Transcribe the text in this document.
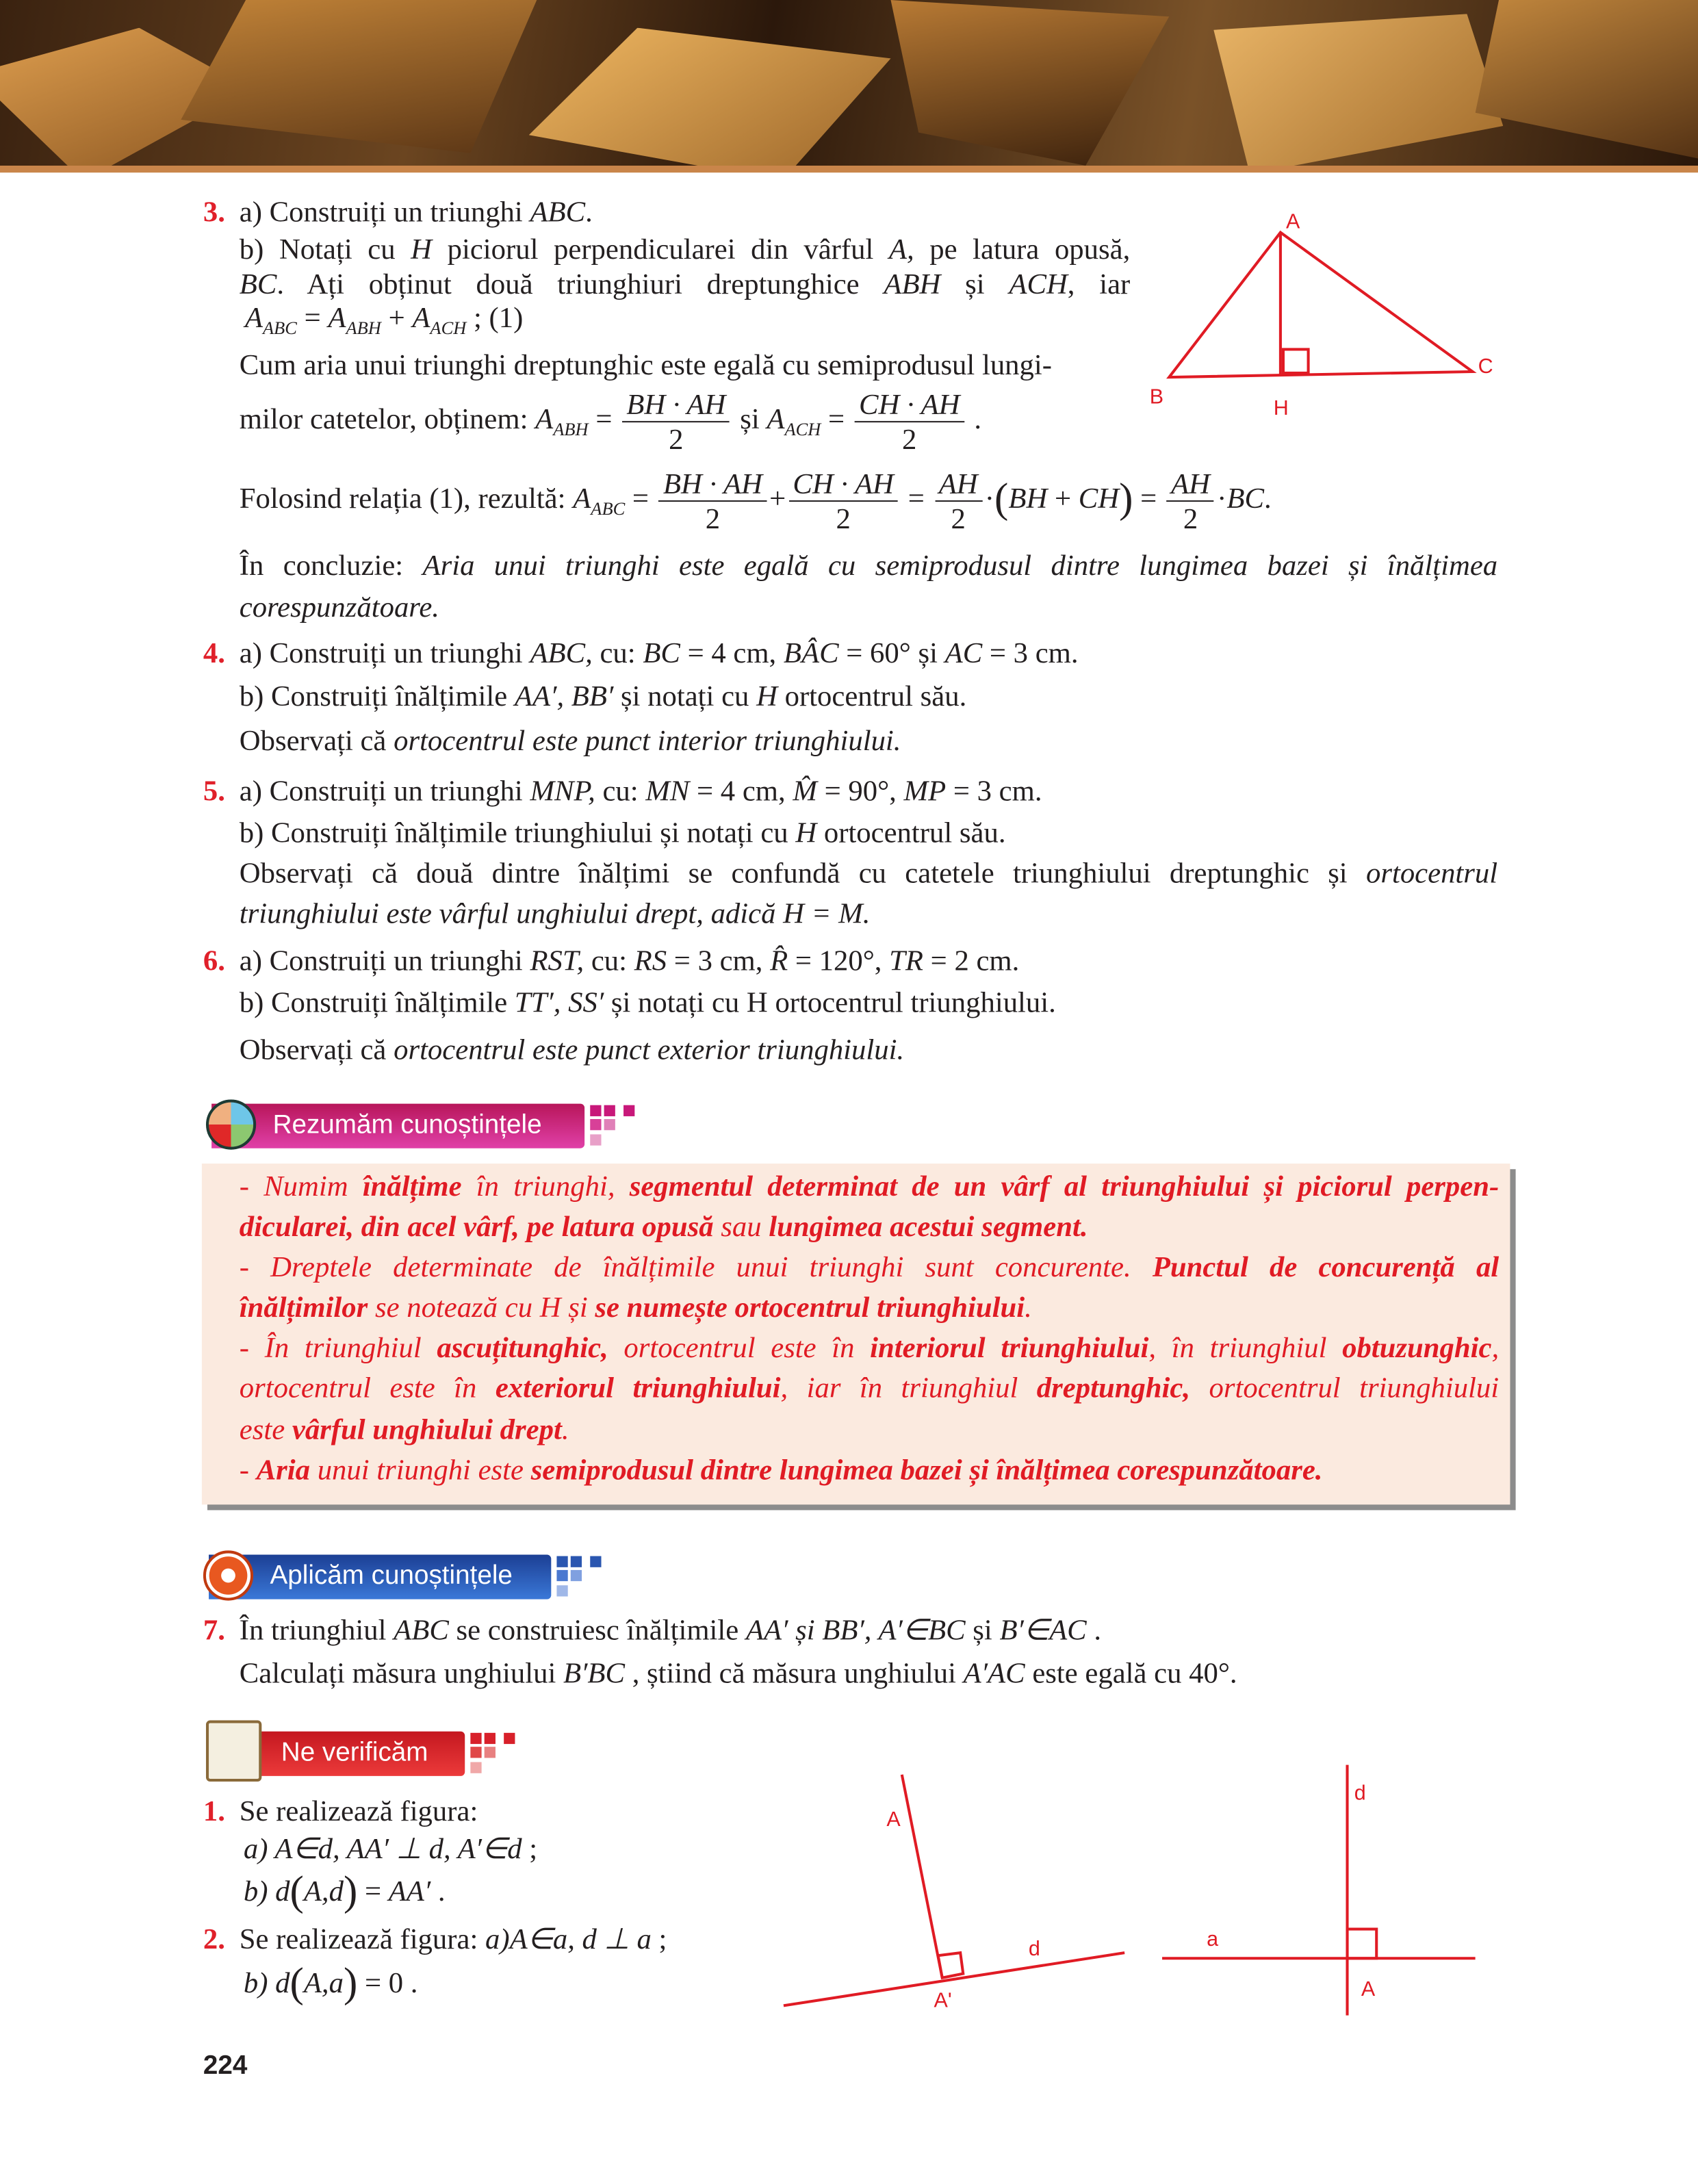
3. a) Construiți un triunghi ABC.
b) Notați cu H piciorul perpendicularei din vârful A, pe latura opusă,
BC. Ați obținut două triunghiuri dreptunghice ABH și ACH, iar
$A_{ABC} = A_{ABH} + A_{ACH}$ ; (1)
Cum aria unui triunghi dreptunghic este egală cu semiprodusul lungi-
milor catetelor, obținem: $A_{ABH} = \frac{BH \cdot AH}{2}$ și $A_{ACH} = \frac{CH \cdot AH}{2}$ .
Folosind relația (1), rezultă: $A_{ABC} = \frac{BH \cdot AH}{2} + \frac{CH \cdot AH}{2} = \frac{AH}{2} \cdot(BH + CH) = \frac{AH}{2} \cdot BC$.
În concluzie: Aria unui triunghi este egală cu semiprodusul dintre lungimea bazei și înălțimea
corespunzătoare.
4. a) Construiți un triunghi ABC, cu: BC = 4 cm, BÂC = 60° și AC = 3 cm.
b) Construiți înălțimile AA′, BB′ și notați cu H ortocentrul său.
Observați că ortocentrul este punct interior triunghiului.
5. a) Construiți un triunghi MNP, cu: MN = 4 cm, M̂ = 90°, MP = 3 cm.
b) Construiți înălțimile triunghiului și notați cu H ortocentrul său.
Observați că două dintre înălțimi se confundă cu catetele triunghiului dreptunghic și ortocentrul
triunghiului este vârful unghiului drept, adică H = M.
6. a) Construiți un triunghi RST, cu: RS = 3 cm, R̂ = 120°, TR = 2 cm.
b) Construiți înălțimile TT′, SS′ și notați cu H ortocentrul triunghiului.
Observați că ortocentrul este punct exterior triunghiului.
Rezumăm cunoștințele
- Numim înălțime în triunghi, segmentul determinat de un vârf al triunghiului și piciorul perpen-
dicularei, din acel vârf, pe latura opusă sau lungimea acestui segment.
- Dreptele determinate de înălțimile unui triunghi sunt concurente. Punctul de concurență al
înălțimilor se notează cu H și se numește ortocentrul triunghiului.
- În triunghiul ascuțitunghic, ortocentrul este în interiorul triunghiului, în triunghiul obtuzunghic,
ortocentrul este în exteriorul triunghiului, iar în triunghiul dreptunghic, ortocentrul triunghiului
este vârful unghiului drept.
- Aria unui triunghi este semiprodusul dintre lungimea bazei și înălțimea corespunzătoare.
Aplicăm cunoștințele
7. În triunghiul ABC se construiesc înălțimile AA′ și BB′, A′∈BC și B′∈AC .
Calculați măsura unghiului B′BC , știind că măsura unghiului A′AC este egală cu 40°.
Ne verificăm
1. Se realizează figura:
a) A∈d, AA′ ⊥ d, A′∈d ;
b) d(A,d) = AA′ .
2. Se realizează figura: a)A∈a, d ⊥ a ;
b) d(A,a) = 0 .
A
B
C
H
A
d
A'
d
a
A
224
